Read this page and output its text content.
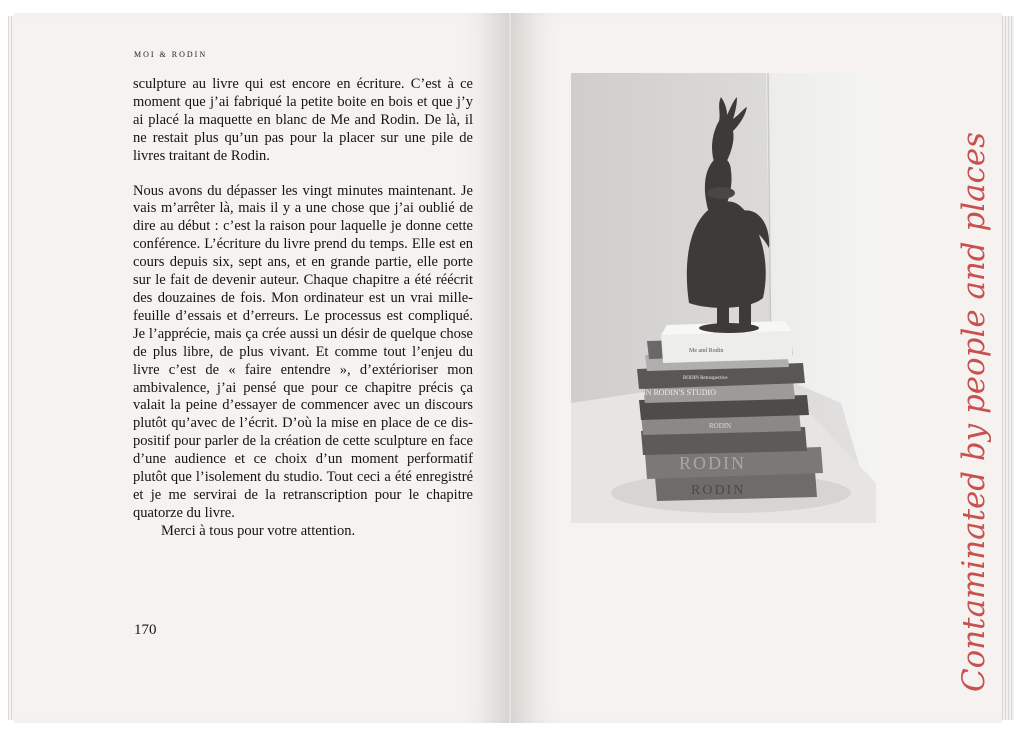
MOI & RODIN

sculpture au livre qui est encore en écriture. C’est à ce moment que j’ai fabriqué la petite boite en bois et que j’y ai placé la maquette en blanc de Me and Rodin. De là, il ne restait plus qu’un pas pour la placer sur une pile de livres traitant de Rodin.

Nous avons du dépasser les vingt minutes maintenant. Je vais m’arrêter là, mais il y a une chose que j’ai oublié de dire au début : c’est la raison pour laquelle je donne cette conférence. L’écriture du livre prend du temps. Elle est en cours depuis six, sept ans, et en grande partie, elle porte sur le fait de devenir auteur. Chaque chapitre a été réécrit des douzaines de fois. Mon ordinateur est un vrai mille-feuille d’essais et d’erreurs. Le processus est compliqué. Je l’apprécie, mais ça crée aussi un désir de quelque chose de plus libre, de plus vivant. Et comme tout l’enjeu du livre c’est de « faire entendre », d’extérioriser mon ambivalence, j’ai pensé que pour ce chapitre précis ça valait la peine d’essayer de commencer avec un discours plutôt qu’avec de l’écrit. D’où la mise en place de ce dispositif pour parler de la création de cette sculpture en face d’une audience et ce choix d’un moment performatif plutôt que l’isolement du studio. Tout ceci a été enregistré et je me servirai de la retranscription pour le chapitre quatorze du livre.

Merci à tous pour votre attention.

170
Me and Rodin
RODIN Retrospective
IN RODIN'S STUDIO
RODIN
RODIN
RODIN	Contaminated by people and places
